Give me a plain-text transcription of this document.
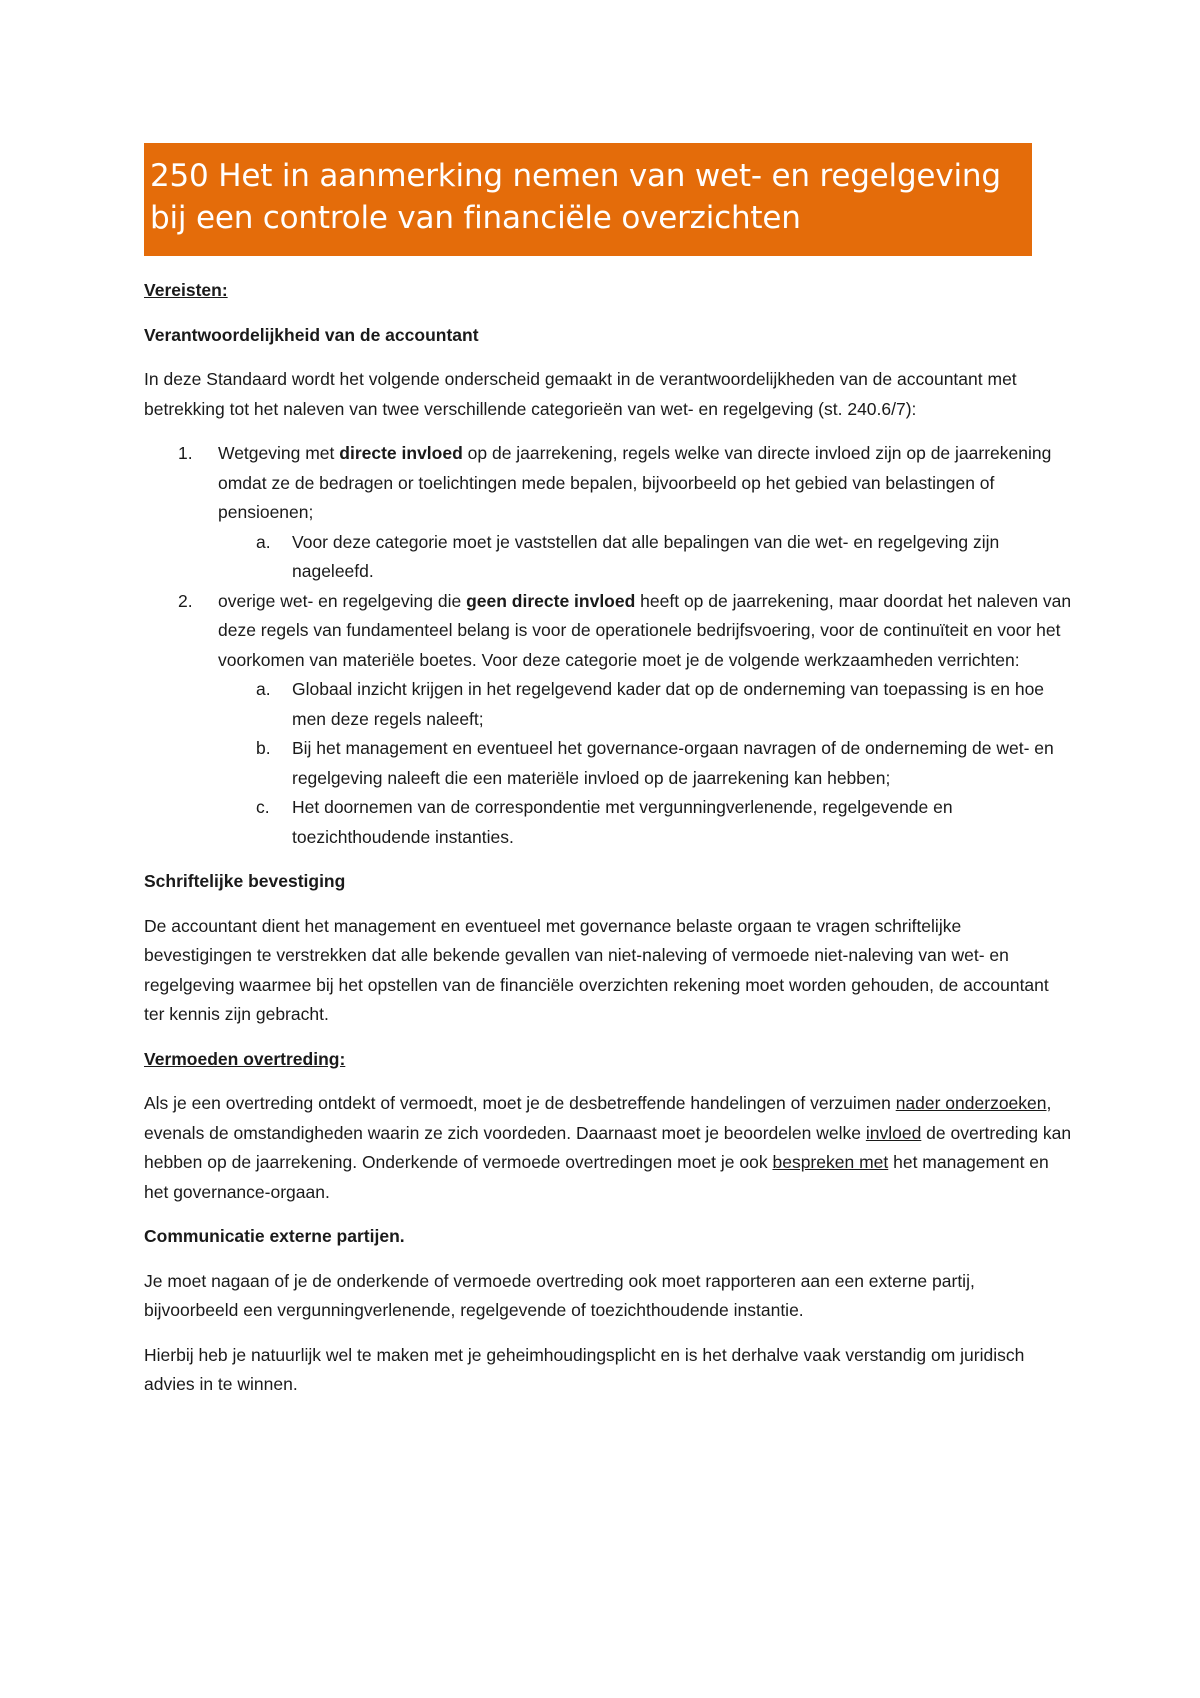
250 Het in aanmerking nemen van wet- en regelgeving
bij een controle van financiële overzichten

Vereisten:

Verantwoordelijkheid van de accountant

In deze Standaard wordt het volgende onderscheid gemaakt in de verantwoordelijkheden van de accountant met betrekking tot het naleven van twee verschillende categorieën van wet- en regelgeving (st. 240.6/7):

1. Wetgeving met directe invloed op de jaarrekening, regels welke van directe invloed zijn op de jaarrekening omdat ze de bedragen or toelichtingen mede bepalen, bijvoorbeeld op het gebied van belastingen of pensioenen;
a. Voor deze categorie moet je vaststellen dat alle bepalingen van die wet- en regelgeving zijn nageleefd.
2. overige wet- en regelgeving die geen directe invloed heeft op de jaarrekening, maar doordat het naleven van deze regels van fundamenteel belang is voor de operationele bedrijfsvoering, voor de continuïteit en voor het voorkomen van materiële boetes. Voor deze categorie moet je de volgende werkzaamheden verrichten:
a. Globaal inzicht krijgen in het regelgevend kader dat op de onderneming van toepassing is en hoe men deze regels naleeft;
b. Bij het management en eventueel het governance-orgaan navragen of de onderneming de wet- en regelgeving naleeft die een materiële invloed op de jaarrekening kan hebben;
c. Het doornemen van de correspondentie met vergunningverlenende, regelgevende en toezichthoudende instanties.

Schriftelijke bevestiging

De accountant dient het management en eventueel met governance belaste orgaan te vragen schriftelijke bevestigingen te verstrekken dat alle bekende gevallen van niet-naleving of vermoede niet-naleving van wet- en regelgeving waarmee bij het opstellen van de financiële overzichten rekening moet worden gehouden, de accountant ter kennis zijn gebracht.

Vermoeden overtreding:

Als je een overtreding ontdekt of vermoedt, moet je de desbetreffende handelingen of verzuimen nader onderzoeken, evenals de omstandigheden waarin ze zich voordeden. Daarnaast moet je beoordelen welke invloed de overtreding kan hebben op de jaarrekening. Onderkende of vermoede overtredingen moet je ook bespreken met het management en het governance-orgaan.

Communicatie externe partijen.

Je moet nagaan of je de onderkende of vermoede overtreding ook moet rapporteren aan een externe partij, bijvoorbeeld een vergunningverlenende, regelgevende of toezichthoudende instantie.

Hierbij heb je natuurlijk wel te maken met je geheimhoudingsplicht en is het derhalve vaak verstandig om juridisch advies in te winnen.
